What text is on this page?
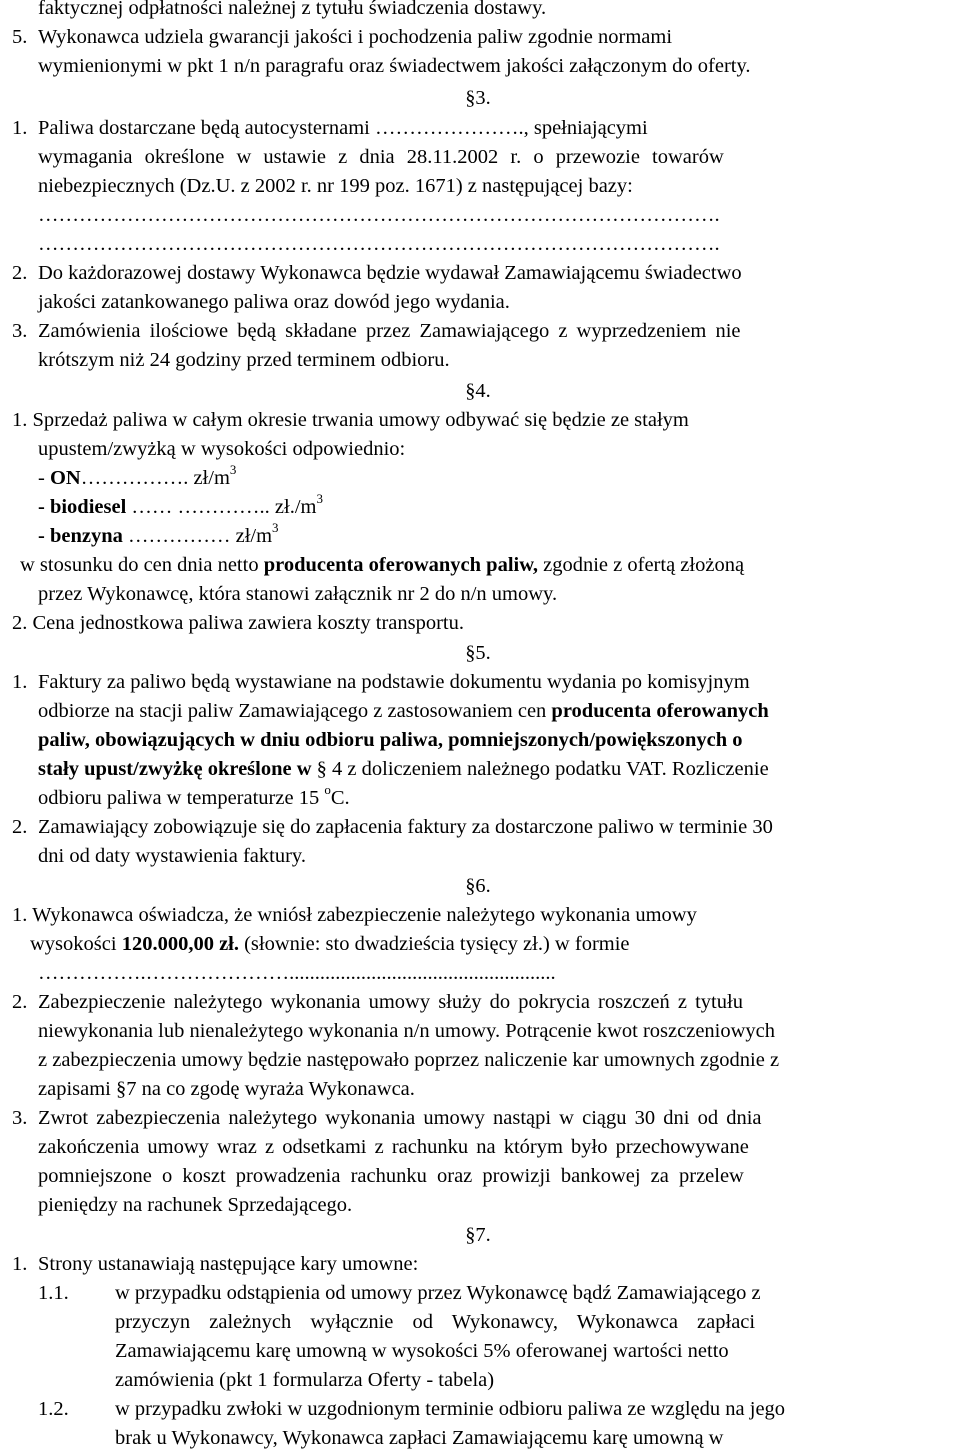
faktycznej odpłatności należnej z tytułu świadczenia dostawy.

5. Wykonawca udziela gwarancji jakości i pochodzenia paliw zgodnie normami

wymienionymi w pkt 1 n/n paragrafu oraz świadectwem jakości załączonym do oferty.

§3.

1. Paliwa dostarczane będą autocysternami …………………., spełniającymi

wymagania określone w ustawie z dnia 28.11.2002 r. o przewozie towarów

niebezpiecznych (Dz.U. z 2002 r. nr 199 poz. 1671) z następującej bazy:

……………………………………………………………………………………….

……………………………………………………………………………………….

2. Do każdorazowej dostawy Wykonawca będzie wydawał Zamawiającemu świadectwo

jakości zatankowanego paliwa oraz dowód jego wydania.

3. Zamówienia ilościowe będą składane przez Zamawiającego z wyprzedzeniem nie

krótszym niż 24 godziny przed terminem odbioru.

§4.

1. Sprzedaż paliwa w całym okresie trwania umowy odbywać się będzie ze stałym

upustem/zwyżką w wysokości odpowiednio:

- ON……………. $zł/m^3$

- biodiesel …… ………….. $zł./m^3$

- benzyna …………… $zł/m^3$

w stosunku do cen dnia netto producenta oferowanych paliw, zgodnie z ofertą złożoną

przez Wykonawcę, która stanowi załącznik nr 2 do n/n umowy.

2. Cena jednostkowa paliwa zawiera koszty transportu.

§5.

1. Faktury za paliwo będą wystawiane na podstawie dokumentu wydania po komisyjnym

odbiorze na stacji paliw Zamawiającego z zastosowaniem cen producenta oferowanych

paliw, obowiązujących w dniu odbioru paliwa, pomniejszonych/powiększonych o

stały upust/zwyżkę określone w § 4 z doliczeniem należnego podatku VAT. Rozliczenie

odbioru paliwa w temperaturze 15 $^o$C.

2. Zamawiający zobowiązuje się do zapłacenia faktury za dostarczone paliwo w terminie 30

dni od daty wystawienia faktury.

§6.

1. Wykonawca oświadcza, że wniósł zabezpieczenie należytego wykonania umowy

wysokości 120.000,00 zł. (słownie: sto dwadzieścia tysięcy zł.) w formie

…………….…………………....................................................

2. Zabezpieczenie należytego wykonania umowy służy do pokrycia roszczeń z tytułu

niewykonania lub nienależytego wykonania n/n umowy. Potrącenie kwot roszczeniowych

z zabezpieczenia umowy będzie następowało poprzez naliczenie kar umownych zgodnie z

zapisami §7 na co zgodę wyraża Wykonawca.

3. Zwrot zabezpieczenia należytego wykonania umowy nastąpi w ciągu 30 dni od dnia

zakończenia umowy wraz z odsetkami z rachunku na którym było przechowywane

pomniejszone o koszt prowadzenia rachunku oraz prowizji bankowej za przelew

pieniędzy na rachunek Sprzedającego.

§7.

1. Strony ustanawiają następujące kary umowne:

1.1. w przypadku odstąpienia od umowy przez Wykonawcę bądź Zamawiającego z

przyczyn zależnych wyłącznie od Wykonawcy, Wykonawca zapłaci

Zamawiającemu karę umowną w wysokości 5% oferowanej wartości netto

zamówienia (pkt 1 formularza Oferty - tabela)

1.2. w przypadku zwłoki w uzgodnionym terminie odbioru paliwa ze względu na jego

brak u Wykonawcy, Wykonawca zapłaci Zamawiającemu karę umowną w
